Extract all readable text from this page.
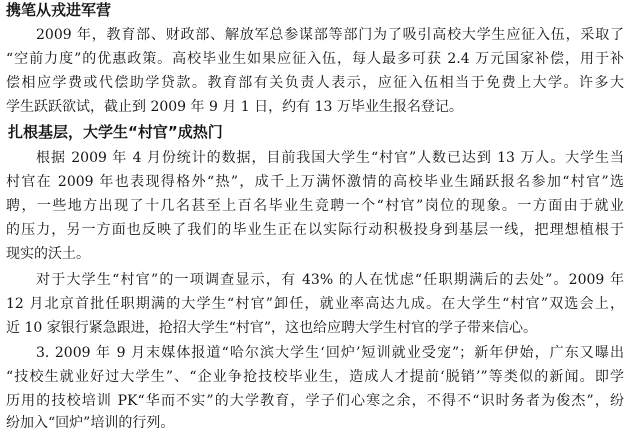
携笔从戎进军营
2009 年，教育部、财政部、解放军总参谋部等部门为了吸引高校大学生应征入伍，采取了
“空前力度”的优惠政策。高校毕业生如果应征入伍，每人最多可获 2.4 万元国家补偿，用于补
偿相应学费或代偿助学贷款。教育部有关负责人表示，应征入伍相当于免费上大学。许多大
学生跃跃欲试，截止到 2009 年 9 月 1 日，约有 13 万毕业生报名登记。
扎根基层，大学生“村官”成热门
根据 2009 年 4 月份统计的数据，目前我国大学生“村官”人数已达到 13 万人。大学生当
村官在 2009 年也表现得格外“热”，成千上万满怀激情的高校毕业生踊跃报名参加“村官”选
聘，一些地方出现了十几名甚至上百名毕业生竞聘一个“村官”岗位的现象。一方面由于就业
的压力，另一方面也反映了我们的毕业生正在以实际行动积极投身到基层一线，把理想植根于
现实的沃土。
对于大学生“村官”的一项调查显示，有 43% 的人在忧虑“任职期满后的去处”。2009 年
12 月北京首批任职期满的大学生“村官”卸任，就业率高达九成。在大学生“村官”双选会上，
近 10 家银行紧急跟进，抢招大学生“村官”，这也给应聘大学生村官的学子带来信心。
3. 2009 年 9 月末媒体报道“哈尔滨大学生‘回炉’短训就业受宠”；新年伊始，广东又曝出
“技校生就业好过大学生”、“企业争抢技校毕业生，造成人才提前‘脱销’”等类似的新闻。即学
历用的技校培训 PK“华而不实”的大学教育，学子们心寒之余，不得不“识时务者为俊杰”，纷
纷加入“回炉”培训的行列。
